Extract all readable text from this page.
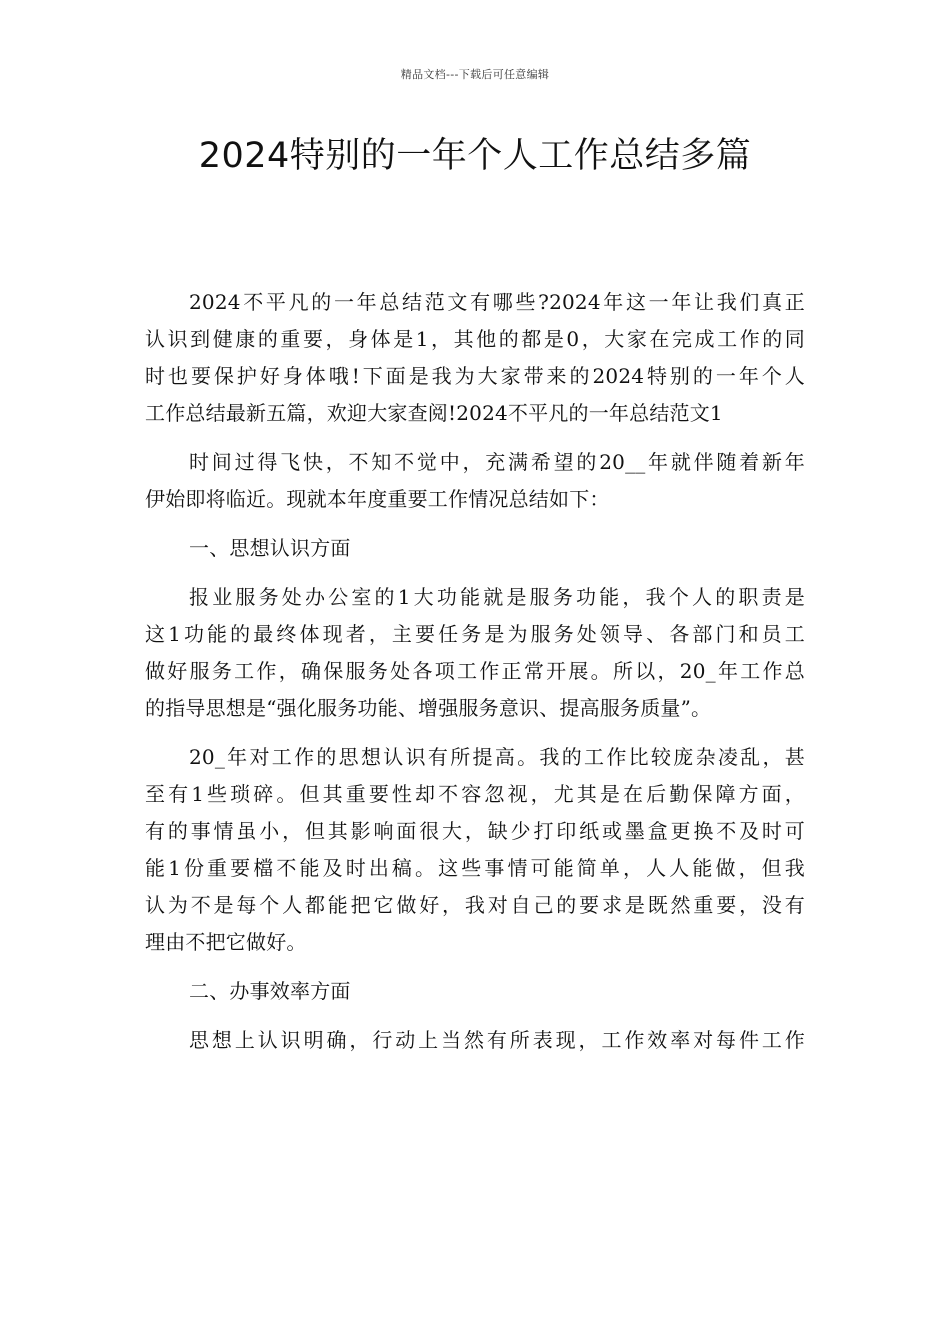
精品文档---下载后可任意编辑
2024特别的一年个人工作总结多篇
2024不平凡的一年总结范文有哪些?2024年这一年让我们真正
认识到健康的重要，身体是1，其他的都是0，大家在完成工作的同
时也要保护好身体哦!下面是我为大家带来的2024特别的一年个人
工作总结最新五篇，欢迎大家查阅!2024不平凡的一年总结范文1
时间过得飞快，不知不觉中，充满希望的20__年就伴随着新年
伊始即将临近。现就本年度重要工作情况总结如下：
一、思想认识方面
报业服务处办公室的1大功能就是服务功能，我个人的职责是
这1功能的最终体现者，主要任务是为服务处领导、各部门和员工
做好服务工作，确保服务处各项工作正常开展。所以，20_年工作总
的指导思想是“强化服务功能、增强服务意识、提高服务质量”。
20_年对工作的思想认识有所提高。我的工作比较庞杂凌乱，甚
至有1些琐碎。但其重要性却不容忽视，尤其是在后勤保障方面，
有的事情虽小，但其影响面很大，缺少打印纸或墨盒更换不及时可
能1份重要檔不能及时出稿。这些事情可能简单，人人能做，但我
认为不是每个人都能把它做好，我对自己的要求是既然重要，没有
理由不把它做好。
二、办事效率方面
思想上认识明确，行动上当然有所表现，工作效率对每件工作
